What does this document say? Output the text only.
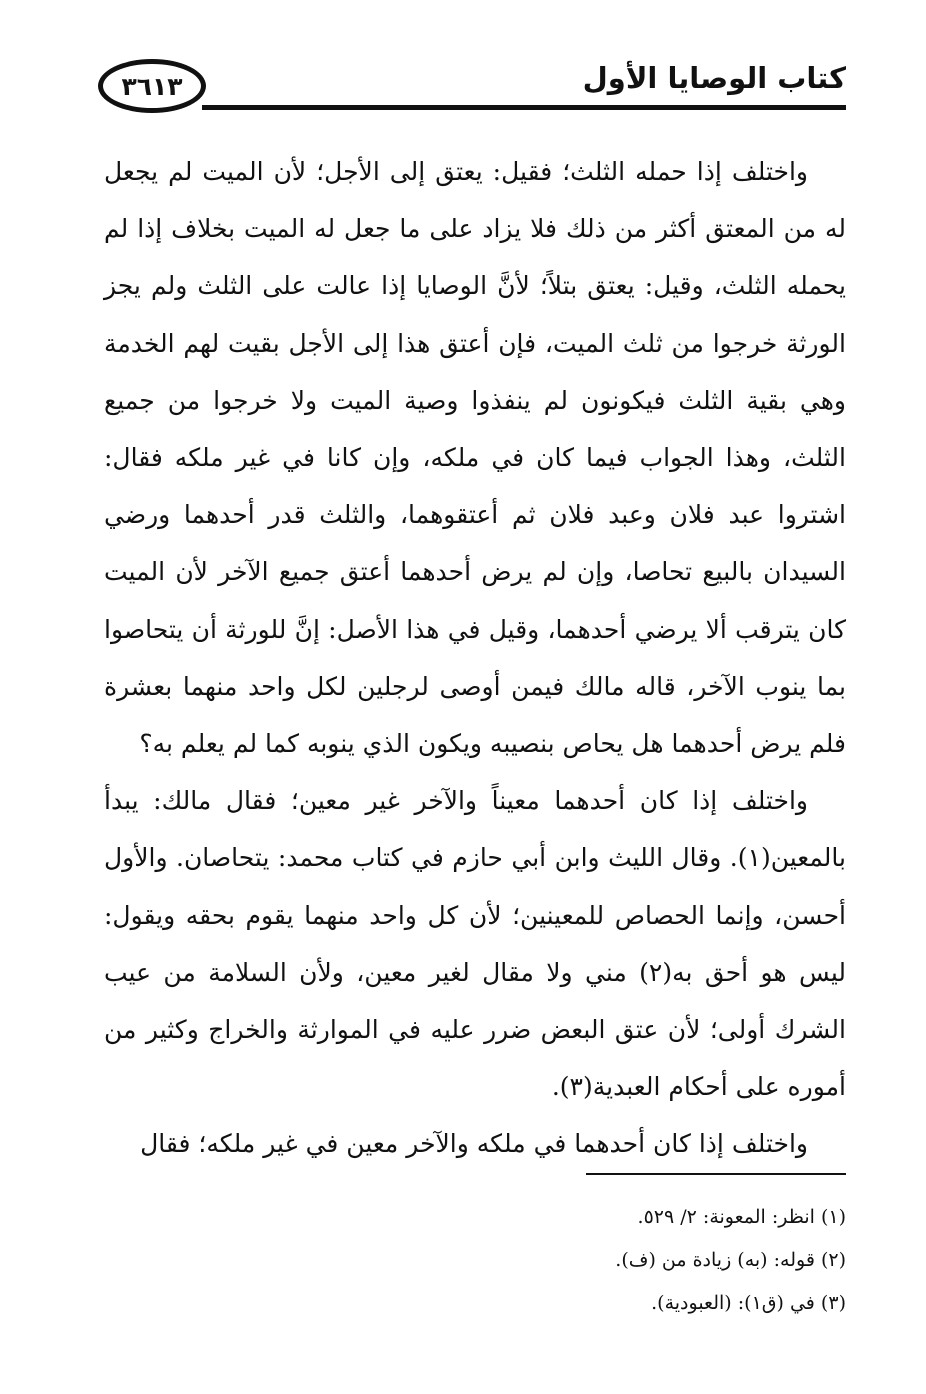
٣٦١٣	كتاب الوصايا الأول

واختلف إذا حمله الثلث؛ فقيل: يعتق إلى الأجل؛ لأن الميت لم يجعل له من المعتق أكثر من ذلك فلا يزاد على ما جعل له الميت بخلاف إذا لم يحمله الثلث، وقيل: يعتق بتلاً؛ لأنَّ الوصايا إذا عالت على الثلث ولم يجز الورثة خرجوا من ثلث الميت، فإن أعتق هذا إلى الأجل بقيت لهم الخدمة وهي بقية الثلث فيكونون لم ينفذوا وصية الميت ولا خرجوا من جميع الثلث، وهذا الجواب فيما كان في ملكه، وإن كانا في غير ملكه فقال: اشتروا عبد فلان وعبد فلان ثم أعتقوهما، والثلث قدر أحدهما ورضي السيدان بالبيع تحاصا، وإن لم يرض أحدهما أعتق جميع الآخر لأن الميت كان يترقب ألا يرضي أحدهما، وقيل في هذا الأصل: إنَّ للورثة أن يتحاصوا بما ينوب الآخر، قاله مالك فيمن أوصى لرجلين لكل واحد منهما بعشرة فلم يرض أحدهما هل يحاص بنصيبه ويكون الذي ينوبه كما لم يعلم به؟

واختلف إذا كان أحدهما معيناً والآخر غير معين؛ فقال مالك: يبدأ بالمعين(١). وقال الليث وابن أبي حازم في كتاب محمد: يتحاصان. والأول أحسن، وإنما الحصاص للمعينين؛ لأن كل واحد منهما يقوم بحقه ويقول: ليس هو أحق به(٢) مني ولا مقال لغير معين، ولأن السلامة من عيب الشرك أولى؛ لأن عتق البعض ضرر عليه في الموارثة والخراج وكثير من أموره على أحكام العبدية(٣).

واختلف إذا كان أحدهما في ملكه والآخر معين في غير ملكه؛ فقال

(١) انظر: المعونة: ٢/ ٥٢٩.

(٢) قوله: (به) زيادة من (ف).

(٣) في (ق١): (العبودية).
